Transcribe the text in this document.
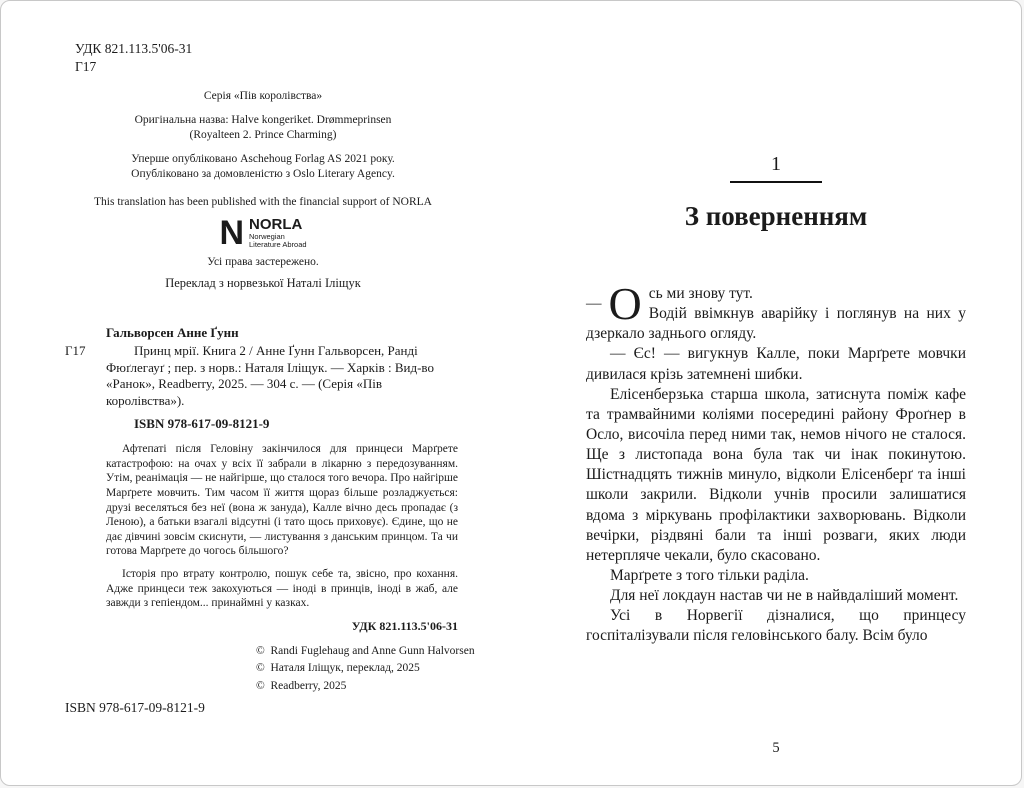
УДК 821.113.5'06-31

Г17

Серія «Пів королівства»

Оригінальна назва: Halve kongeriket. Drømmeprinsen
(Royalteen 2. Prince Charming)

Уперше опубліковано Aschehoug Forlag AS 2021 року.
Опубліковано за домовленістю з Oslo Literary Agency.

This translation has been published with the financial support of NORLA

N NORLA
Norwegian
Literature Abroad

Усі права застережено.

Переклад з норвезької Наталі Іліщук

Гальворсен Анне Ґунн

Г17	Принц мрії. Книга 2 / Анне Ґунн Гальворсен, Ранді Фюґлегауґ ; пер. з норв.: Наталя Іліщук. — Харків : Вид-во «Ранок», Readberry, 2025. — 304 с. — (Серія «Пів королівства»).

ISBN 978-617-09-8121-9

Афтепаті після Геловіну закінчилося для принцеси Марґрете катастрофою: на очах у всіх її забрали в лікарню з передозуванням. Утім, реанімація — не найгірше, що сталося того вечора. Про найгірше Марґрете мовчить. Тим часом її життя щораз більше розладжується: друзі веселяться без неї (вона ж зануда), Калле вічно десь пропадає (з Леною), а батьки взагалі відсутні (і тато щось приховує). Єдине, що не дає дівчині зовсім скиснути, — листування з данським принцом. Та чи готова Марґрете до чогось більшого?

Історія про втрату контролю, пошук себе та, звісно, про кохання. Адже принцеси теж закохуються — іноді в принців, іноді в жаб, але завжди з гепіендом... принаймні у казках.

УДК 821.113.5'06-31

© Randi Fuglehaug and Anne Gunn Halvorsen

© Наталя Іліщук, переклад, 2025

© Readberry, 2025

ISBN 978-617-09-8121-9

1

З поверненням
— О сь ми знову тут.

Водій ввімкнув аварійку і поглянув на них у дзеркало заднього огляду.

— Єс! — вигукнув Калле, поки Марґрете мовчки дивилася крізь затемнені шибки.

Елісенберзька старша школа, затиснута поміж кафе та трамвайними коліями посередині району Фроґнер в Осло, височіла перед ними так, немов нічого не сталося. Ще з листопада вона була так чи інак покинутою. Шістнадцять тижнів минуло, відколи Елісенберґ та інші школи закрили. Відколи учнів просили залишатися вдома з міркувань профілактики захворювань. Відколи вечірки, різдвяні бали та інші розваги, яких люди нетерпляче чекали, було скасовано.

Марґрете з того тільки раділа.

Для неї локдаун настав чи не в найвдаліший момент.

Усі в Норвегії дізналися, що принцесу госпіталізували після геловінського балу. Всім було

5
